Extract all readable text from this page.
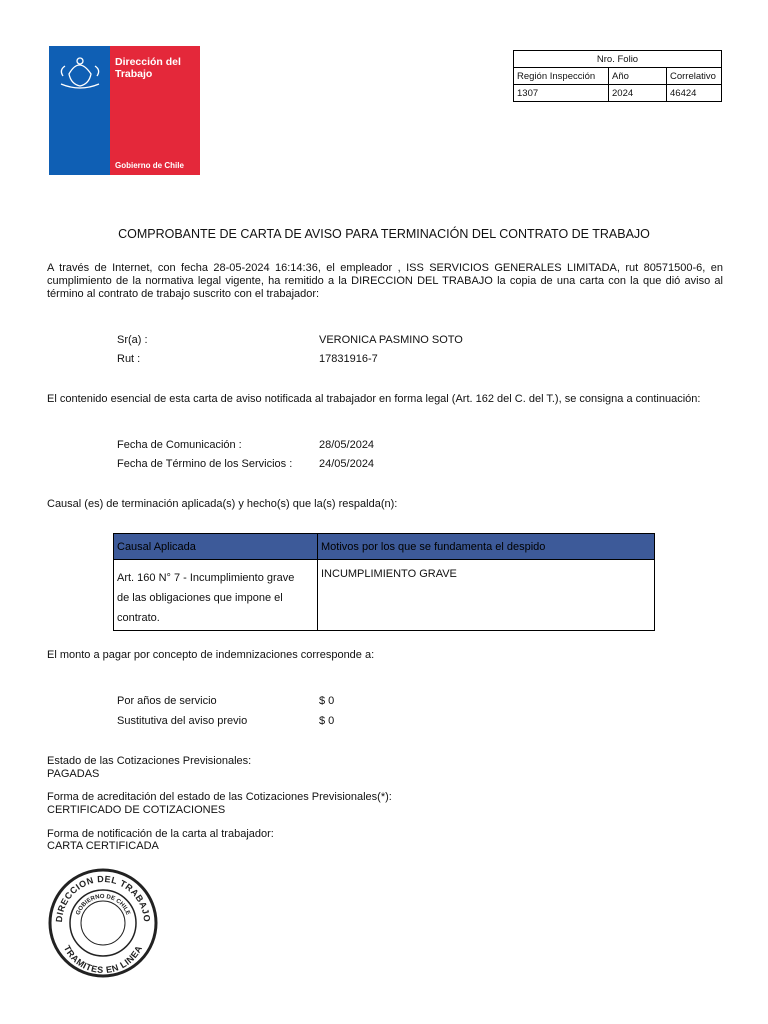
Dirección del
Trabajo
Gobierno de Chile
Nro. Folio		
Región Inspección	Año	Correlativo
1307	2024	46424
COMPROBANTE DE CARTA DE AVISO PARA TERMINACIÓN DEL CONTRATO DE TRABAJO
A través de Internet, con fecha 28-05-2024 16:14:36, el empleador , ISS SERVICIOS GENERALES LIMITADA, rut 80571500-6, en cumplimiento de la normativa legal vigente, ha remitido a la DIRECCION DEL TRABAJO la copia de una carta con la que dió aviso al término al contrato de trabajo suscrito con el trabajador:
Sr(a) :	VERONICA PASMINO SOTO
Rut :	17831916-7
El contenido esencial de esta carta de aviso notificada al trabajador en forma legal (Art. 162 del C. del T.), se consigna a continuación:
Fecha de Comunicación :	28/05/2024
Fecha de Término de los Servicios : 24/05/2024
Causal (es) de terminación aplicada(s) y hecho(s) que la(s) respalda(n):
Causal Aplicada	Motivos por los que se fundamenta el despido
Art. 160 N° 7 - Incumplimiento grave
de las obligaciones que impone el
contrato.	INCUMPLIMIENTO GRAVE
El monto a pagar por concepto de indemnizaciones corresponde a:
Por años de servicio	$ 0
Sustitutiva del aviso previo	$ 0
Estado de las Cotizaciones Previsionales:
PAGADAS
Forma de acreditación del estado de las Cotizaciones Previsionales(*):
CERTIFICADO DE COTIZACIONES
Forma de notificación de la carta al trabajador:
CARTA CERTIFICADA
DIRECCION DEL TRABAJO
TRAMITES EN LINEA
GOBIERNO DE CHILE
